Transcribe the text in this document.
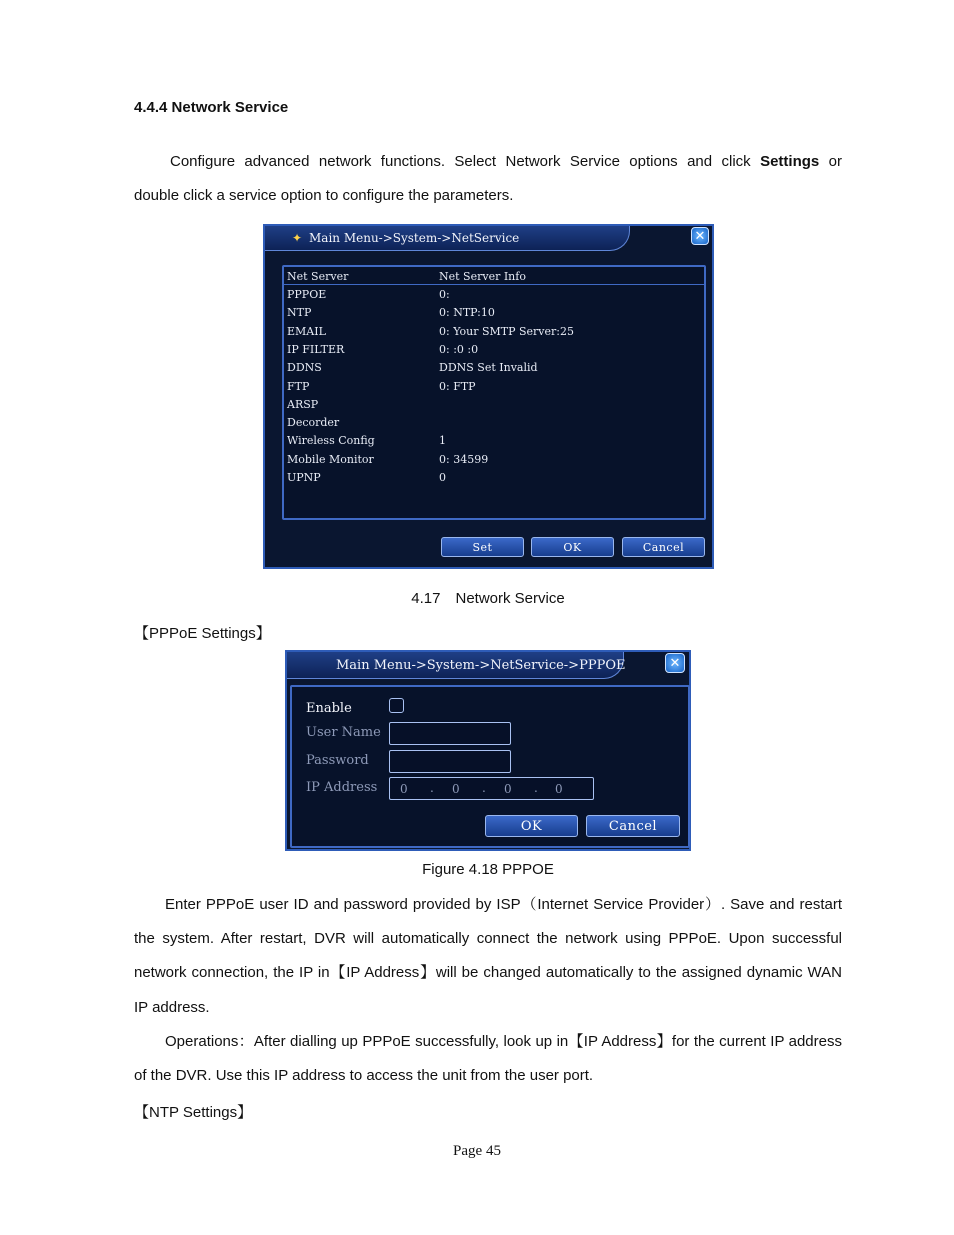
4.4.4 Network Service
Configure advanced network functions. Select Network Service options and click Settings or
double click a service option to configure the parameters.
✦ Main Menu->System->NetService	✕
Net Server	Net Server Info
PPPOE	0:
NTP	0: NTP:10
EMAIL	0: Your SMTP Server:25
IP FILTER	0: :0 :0
DDNS	DDNS Set Invalid
FTP	0: FTP
ARSP
Decorder
Wireless Config	1
Mobile Monitor	0: 34599
UPNP	0
Set	OK	Cancel
4.17　Network Service
【PPPoE Settings】
Main Menu->System->NetService->PPPOE	✕
Enable
User Name
Password
IP Address 0 . 0 . 0 . 0
OK	Cancel
Figure 4.18 PPPOE
Enter PPPoE user ID and password provided by ISP（Internet Service Provider）. Save and restart
the system. After restart, DVR will automatically connect the network using PPPoE. Upon successful
network connection, the IP in【IP Address】will be changed automatically to the assigned dynamic WAN
IP address.
Operations：After dialling up PPPoE successfully, look up in【IP Address】for the current IP address
of the DVR. Use this IP address to access the unit from the user port.
【NTP Settings】
Page 45
